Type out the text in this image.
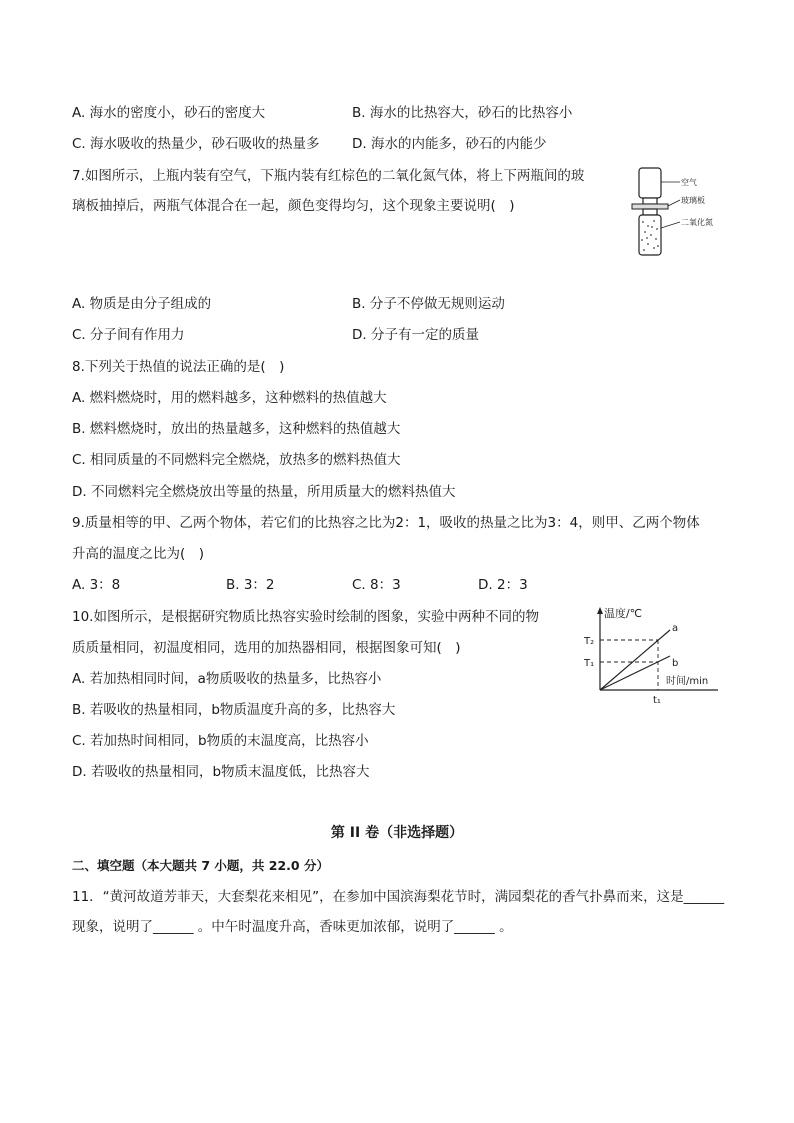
A. 海水的密度小，砂石的密度大	B. 海水的比热容大，砂石的比热容小
C. 海水吸收的热量少，砂石吸收的热量多 D. 海水的内能多，砂石的内能少
7.如图所示，上瓶内装有空气，下瓶内装有红棕色的二氧化氮气体，将上下两瓶间的玻
璃板抽掉后，两瓶气体混合在一起，颜色变得均匀，这个现象主要说明(　)
空气
玻璃板
二氧化氮
A. 物质是由分子组成的	B. 分子不停做无规则运动
C. 分子间有作用力	D. 分子有一定的质量
8.下列关于热值的说法正确的是(　)
A. 燃料燃烧时，用的燃料越多，这种燃料的热值越大
B. 燃料燃烧时，放出的热量越多，这种燃料的热值越大
C. 相同质量的不同燃料完全燃烧，放热多的燃料热值大
D. 不同燃料完全燃烧放出等量的热量，所用质量大的燃料热值大
9.质量相等的甲、乙两个物体，若它们的比热容之比为2：1，吸收的热量之比为3：4，则甲、乙两个物体
升高的温度之比为(　)
A. 3：8	B. 3：2	C. 8：3	D. 2：3
10.如图所示，是根据研究物质比热容实验时绘制的图象，实验中两种不同的物
质质量相同，初温度相同，选用的加热器相同，根据图象可知(　)
A. 若加热相同时间，a物质吸收的热量多，比热容小
B. 若吸收的热量相同，b物质温度升高的多，比热容大
C. 若加热时间相同，b物质的末温度高，比热容小
D. 若吸收的热量相同，b物质末温度低，比热容大
温度/℃
T₂
T₁
a
b
时间/min
t₁
第 II 卷（非选择题）
二、填空题（本大题共 7 小题，共 22.0 分）
11．“黄河故道芳菲天，大套梨花来相见”，在参加中国滨海梨花节时，满园梨花的香气扑鼻而来，这是______
现象，说明了______ 。中午时温度升高，香味更加浓郁，说明了______ 。
